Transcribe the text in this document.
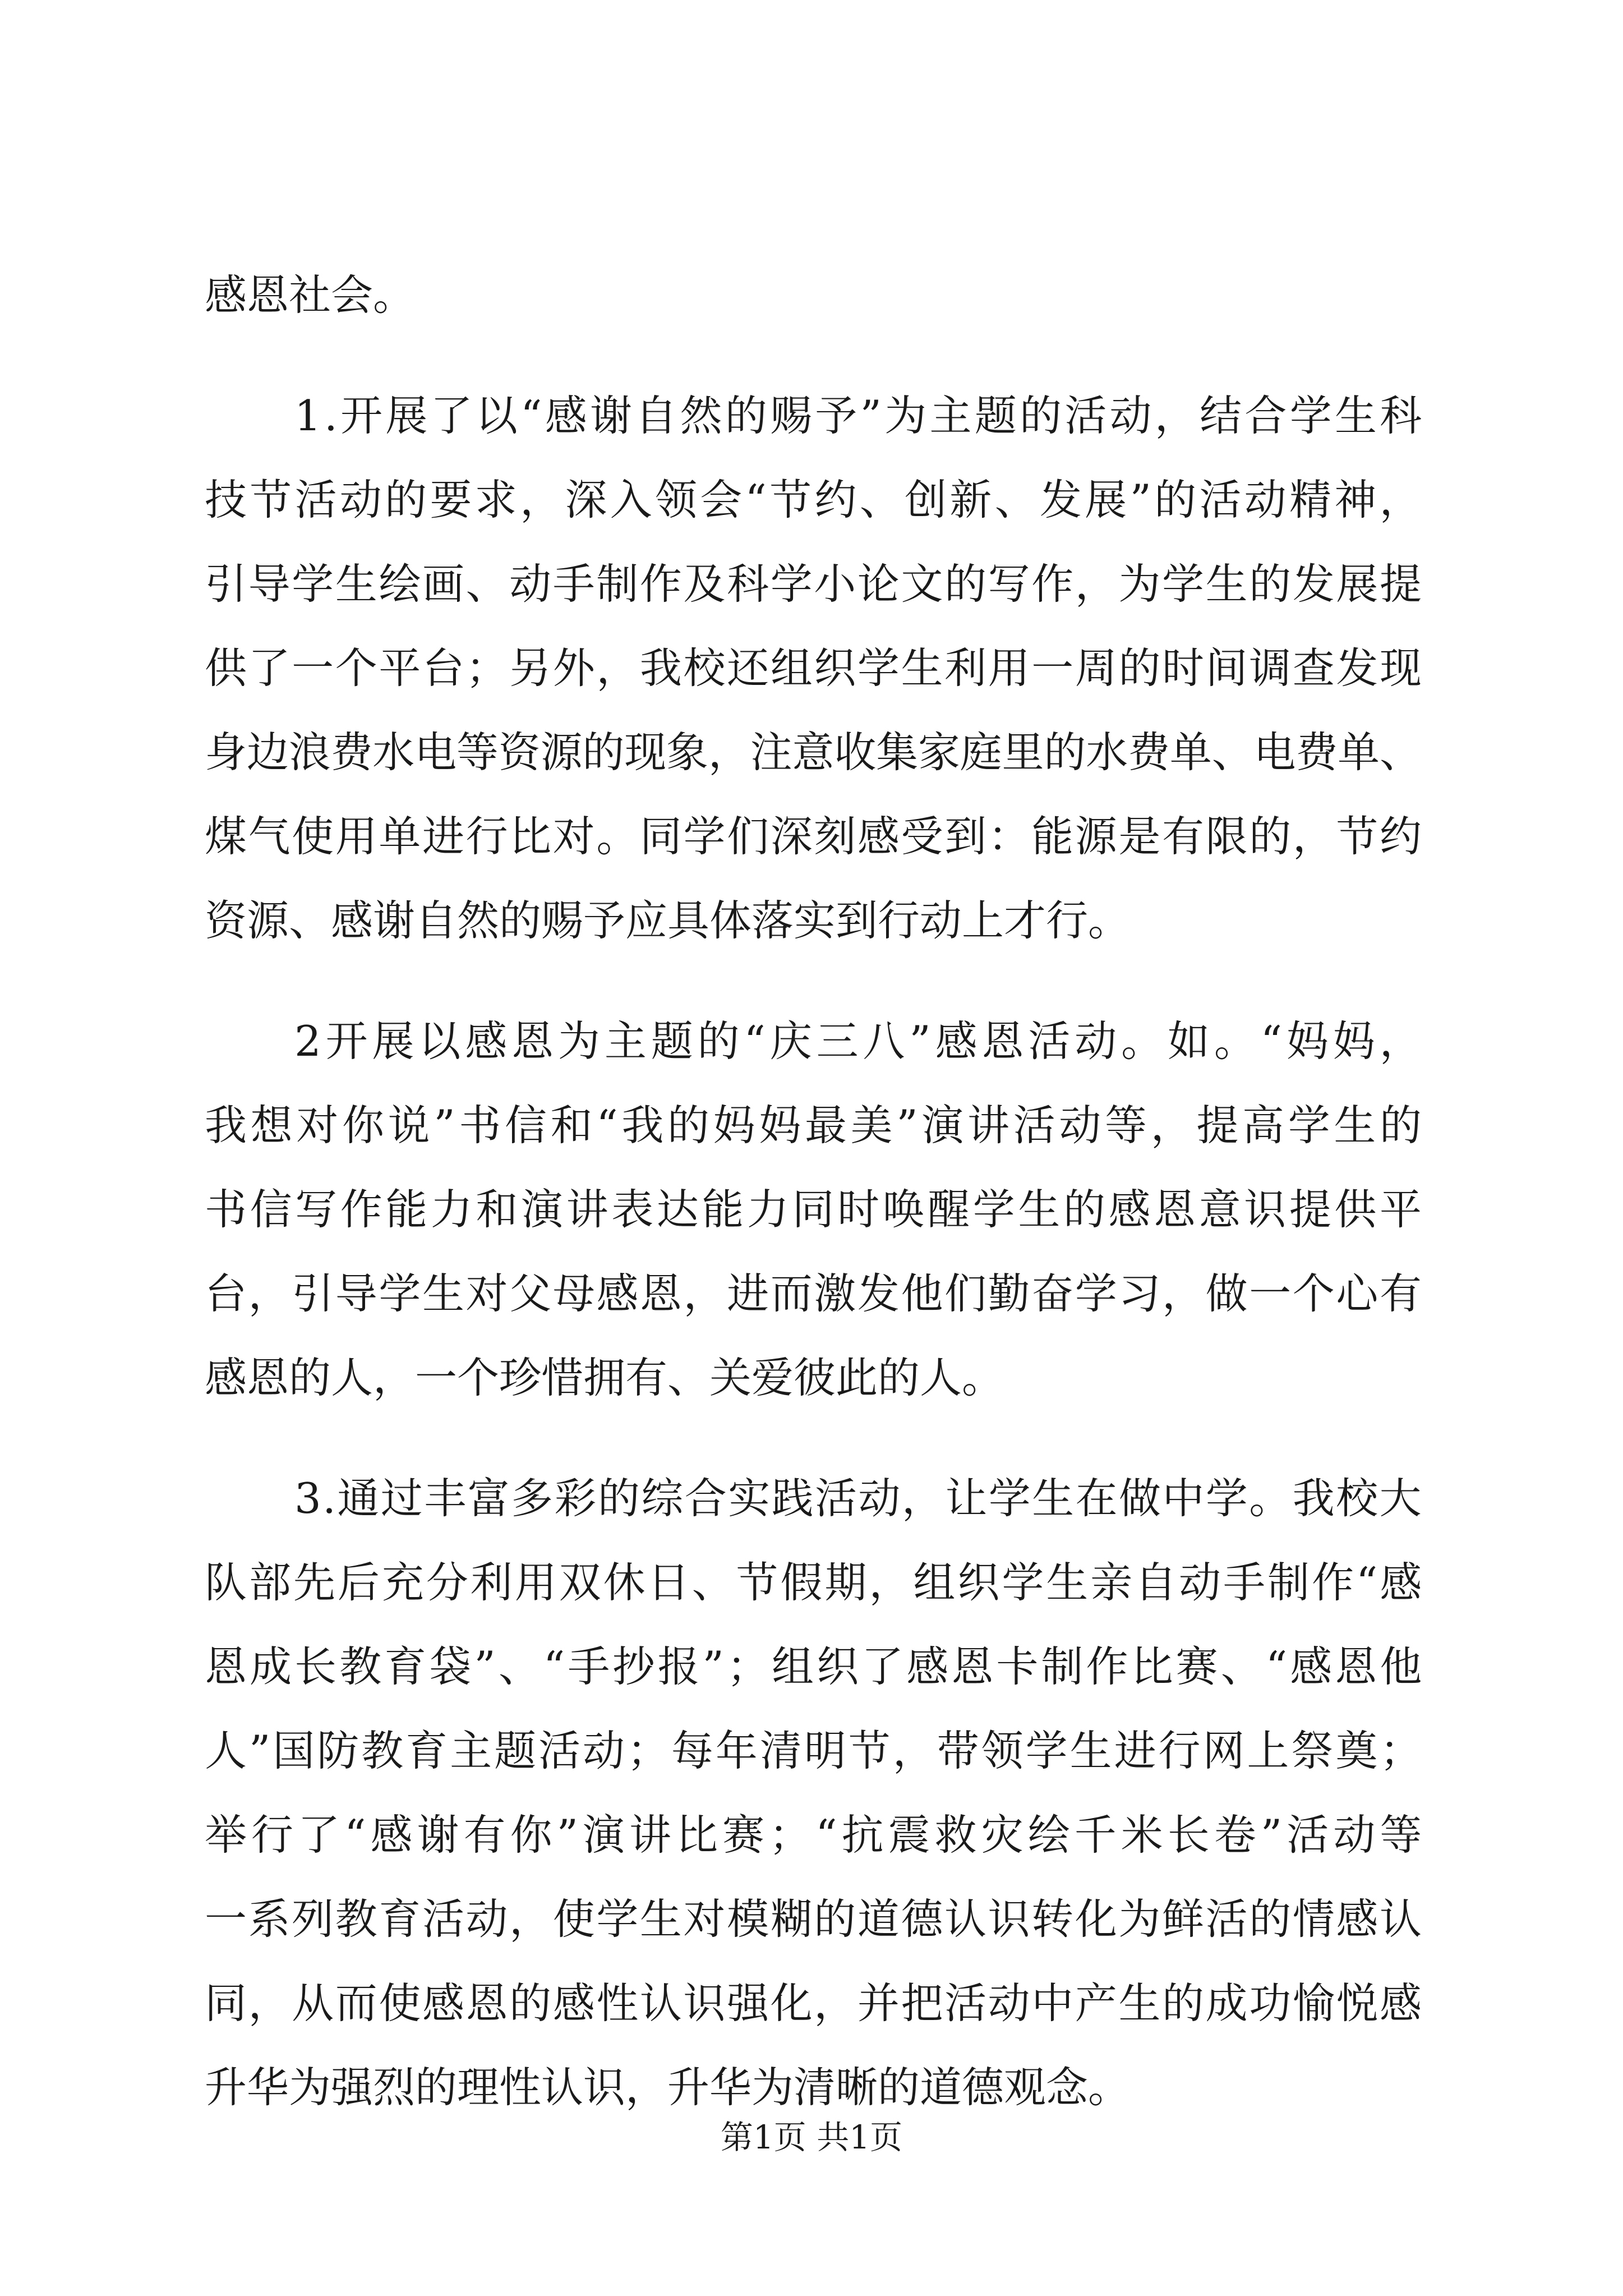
感恩社会。
1.开展了以“感谢自然的赐予”为主题的活动，结合学生科
技节活动的要求，深入领会“节约、创新、发展”的活动精神，
引导学生绘画、动手制作及科学小论文的写作，为学生的发展提
供了一个平台；另外，我校还组织学生利用一周的时间调查发现
身边浪费水电等资源的现象，注意收集家庭里的水费单、电费单、
煤气使用单进行比对。同学们深刻感受到：能源是有限的，节约
资源、感谢自然的赐予应具体落实到行动上才行。
2开展以感恩为主题的“庆三八”感恩活动。如。“妈妈，
我想对你说”书信和“我的妈妈最美”演讲活动等，提高学生的
书信写作能力和演讲表达能力同时唤醒学生的感恩意识提供平
台，引导学生对父母感恩，进而激发他们勤奋学习，做一个心有
感恩的人，一个珍惜拥有、关爱彼此的人。
3.通过丰富多彩的综合实践活动，让学生在做中学。我校大
队部先后充分利用双休日、节假期，组织学生亲自动手制作“感
恩成长教育袋”、“手抄报”；组织了感恩卡制作比赛、“感恩他
人”国防教育主题活动；每年清明节，带领学生进行网上祭奠；
举行了“感谢有你”演讲比赛；“抗震救灾绘千米长卷”活动等
一系列教育活动，使学生对模糊的道德认识转化为鲜活的情感认
同，从而使感恩的感性认识强化，并把活动中产生的成功愉悦感
升华为强烈的理性认识，升华为清晰的道德观念。
第1页 共1页
